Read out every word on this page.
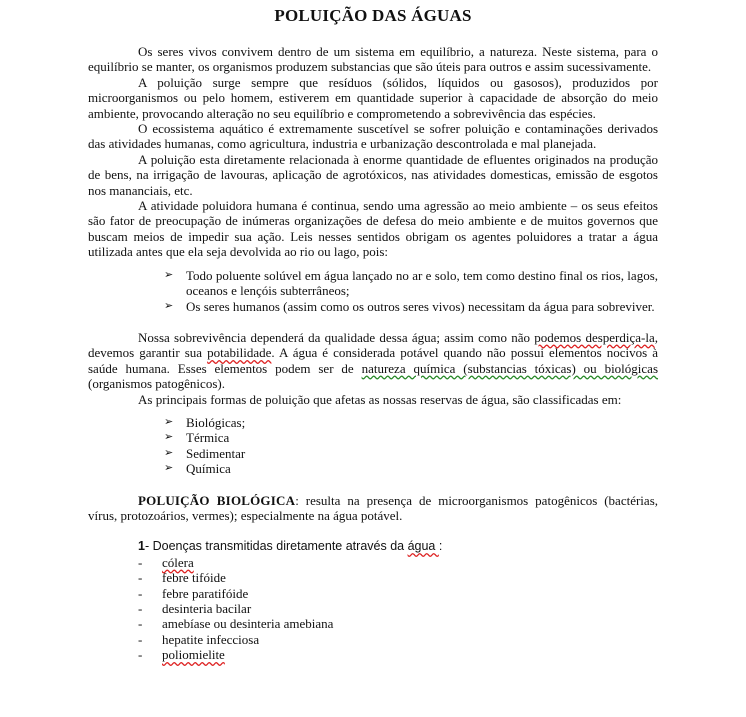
POLUIÇÃO DAS ÁGUAS

Os seres vivos convivem dentro de um sistema em equilíbrio, a natureza. Neste sistema, para o equilíbrio se manter, os organismos produzem substancias que são úteis para outros e assim sucessivamente.

A poluição surge sempre que resíduos (sólidos, líquidos ou gasosos), produzidos por microorganismos ou pelo homem, estiverem em quantidade superior à capacidade de absorção do meio ambiente, provocando alteração no seu equilíbrio e comprometendo a sobrevivência das espécies.

O ecossistema aquático é extremamente suscetível se sofrer poluição e contaminações derivados das atividades humanas, como agricultura, industria e urbanização descontrolada e mal planejada.

A poluição esta diretamente relacionada à enorme quantidade de efluentes originados na produção de bens, na irrigação de lavouras, aplicação de agrotóxicos, nas atividades domesticas, emissão de esgotos nos mananciais, etc.

A atividade poluidora humana é continua, sendo uma agressão ao meio ambiente – os seus efeitos são fator de preocupação de inúmeras organizações de defesa do meio ambiente e de muitos governos que buscam meios de impedir sua ação. Leis nesses sentidos obrigam os agentes poluidores a tratar a água utilizada antes que ela seja devolvida ao rio ou lago, pois:

➢ Todo poluente solúvel em água lançado no ar e solo, tem como destino final os rios, lagos, oceanos e lençóis subterrâneos;
➢ Os seres humanos (assim como os outros seres vivos) necessitam da água para sobreviver.

Nossa sobrevivência dependerá da qualidade dessa água; assim como não podemos desperdiça-la, devemos garantir sua potabilidade. A água é considerada potável quando não possui elementos nocivos à saúde humana. Esses elementos podem ser de natureza química (substancias tóxicas) ou biológicas (organismos patogênicos).

As principais formas de poluição que afetas as nossas reservas de água, são classificadas em:

➢ Biológicas;
➢ Térmica
➢ Sedimentar
➢ Química

POLUIÇÃO BIOLÓGICA: resulta na presença de microorganismos patogênicos (bactérias, vírus, protozoários, vermes); especialmente na água potável.

1- Doenças transmitidas diretamente através da água :
- cólera
- febre tifóide
- febre paratifóide
- desinteria bacilar
- amebíase ou desinteria amebiana
- hepatite infecciosa
- poliomielite
